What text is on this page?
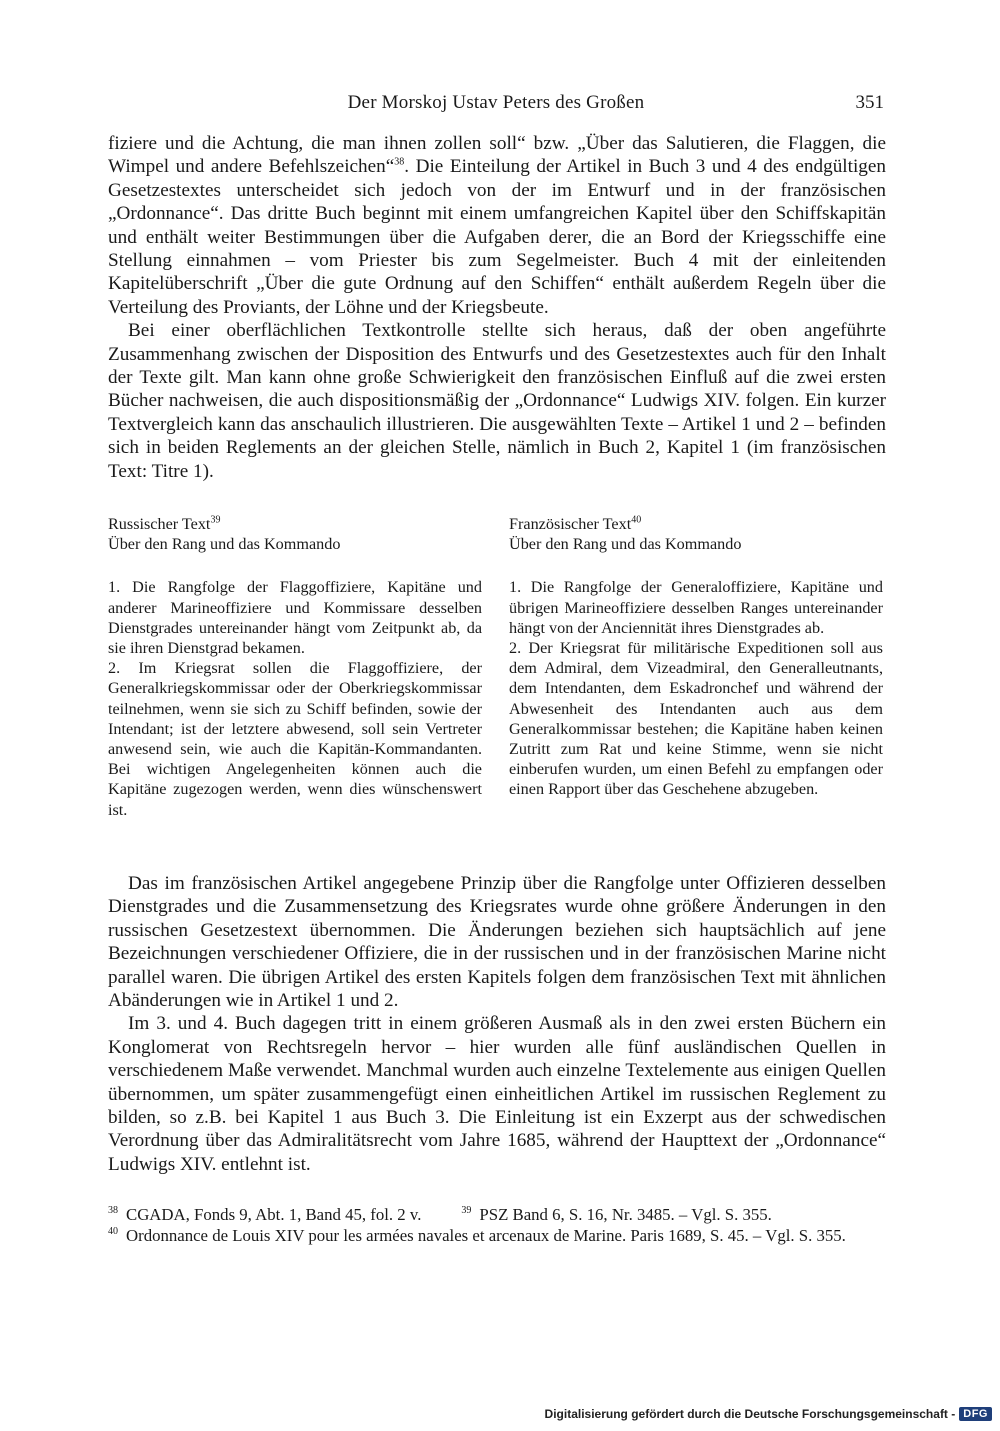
Der Morskoj Ustav Peters des Großen	351

fiziere und die Achtung, die man ihnen zollen soll“ bzw. „Über das Salutieren, die Flaggen, die Wimpel und andere Befehlszeichen“$^{38}$. Die Einteilung der Artikel in Buch 3 und 4 des endgültigen Gesetzestextes unterscheidet sich jedoch von der im Entwurf und in der französischen „Ordonnance“. Das dritte Buch beginnt mit einem umfangreichen Kapitel über den Schiffskapitän und enthält weiter Bestimmungen über die Aufgaben derer, die an Bord der Kriegsschiffe eine Stellung einnahmen – vom Priester bis zum Segelmeister. Buch 4 mit der einleitenden Kapitelüberschrift „Über die gute Ordnung auf den Schiffen“ enthält außerdem Regeln über die Verteilung des Proviants, der Löhne und der Kriegsbeute.

Bei einer oberflächlichen Textkontrolle stellte sich heraus, daß der oben angeführte Zusammenhang zwischen der Disposition des Entwurfs und des Gesetzestextes auch für den Inhalt der Texte gilt. Man kann ohne große Schwierigkeit den französischen Einfluß auf die zwei ersten Bücher nachweisen, die auch dispositionsmäßig der „Ordonnance“ Ludwigs XIV. folgen. Ein kurzer Textvergleich kann das anschaulich illustrieren. Die ausgewählten Texte – Artikel 1 und 2 – befinden sich in beiden Reglements an der gleichen Stelle, nämlich in Buch 2, Kapitel 1 (im französischen Text: Titre 1).

Russischer Text$^{39}$

Über den Rang und das Kommando

1. Die Rangfolge der Flaggoffiziere, Kapitäne und anderer Marineoffiziere und Kommissare desselben Dienstgrades untereinander hängt vom Zeitpunkt ab, da sie ihren Dienstgrad bekamen.

2. Im Kriegsrat sollen die Flaggoffiziere, der Generalkriegskommissar oder der Oberkriegskommissar teilnehmen, wenn sie sich zu Schiff befinden, sowie der Intendant; ist der letztere abwesend, soll sein Vertreter anwesend sein, wie auch die Kapitän-Kommandanten. Bei wichtigen Angelegenheiten können auch die Kapitäne zugezogen werden, wenn dies wünschenswert ist.

Französischer Text$^{40}$

Über den Rang und das Kommando

1. Die Rangfolge der Generaloffiziere, Kapitäne und übrigen Marineoffiziere desselben Ranges untereinander hängt von der Anciennität ihres Dienstgrades ab.

2. Der Kriegsrat für militärische Expeditionen soll aus dem Admiral, dem Vizeadmiral, den Generalleutnants, dem Intendanten, dem Eskadronchef und während der Abwesenheit des Intendanten auch aus dem Generalkommissar bestehen; die Kapitäne haben keinen Zutritt zum Rat und keine Stimme, wenn sie nicht einberufen wurden, um einen Befehl zu empfangen oder einen Rapport über das Geschehene abzugeben.

Das im französischen Artikel angegebene Prinzip über die Rangfolge unter Offizieren desselben Dienstgrades und die Zusammensetzung des Kriegsrates wurde ohne größere Änderungen in den russischen Gesetzestext übernommen. Die Änderungen beziehen sich hauptsächlich auf jene Bezeichnungen verschiedener Offiziere, die in der russischen und in der französischen Marine nicht parallel waren. Die übrigen Artikel des ersten Kapitels folgen dem französischen Text mit ähnlichen Abänderungen wie in Artikel 1 und 2.

Im 3. und 4. Buch dagegen tritt in einem größeren Ausmaß als in den zwei ersten Büchern ein Konglomerat von Rechtsregeln hervor – hier wurden alle fünf ausländischen Quellen in verschiedenem Maße verwendet. Manchmal wurden auch einzelne Textelemente aus einigen Quellen übernommen, um später zusammengefügt einen einheitlichen Artikel im russischen Reglement zu bilden, so z.B. bei Kapitel 1 aus Buch 3. Die Einleitung ist ein Exzerpt aus der schwedischen Verordnung über das Admiralitätsrecht vom Jahre 1685, während der Haupttext der „Ordonnance“ Ludwigs XIV. entlehnt ist.

$^{38}$ CGADA, Fonds 9, Abt. 1, Band 45, fol. 2 v.	$^{39}$ PSZ Band 6, S. 16, Nr. 3485. – Vgl. S. 355.

$^{40}$ Ordonnance de Louis XIV pour les armées navales et arcenaux de Marine. Paris 1689, S. 45. – Vgl. S. 355.

Digitalisierung gefördert durch die Deutsche Forschungsgemeinschaft - DFG
